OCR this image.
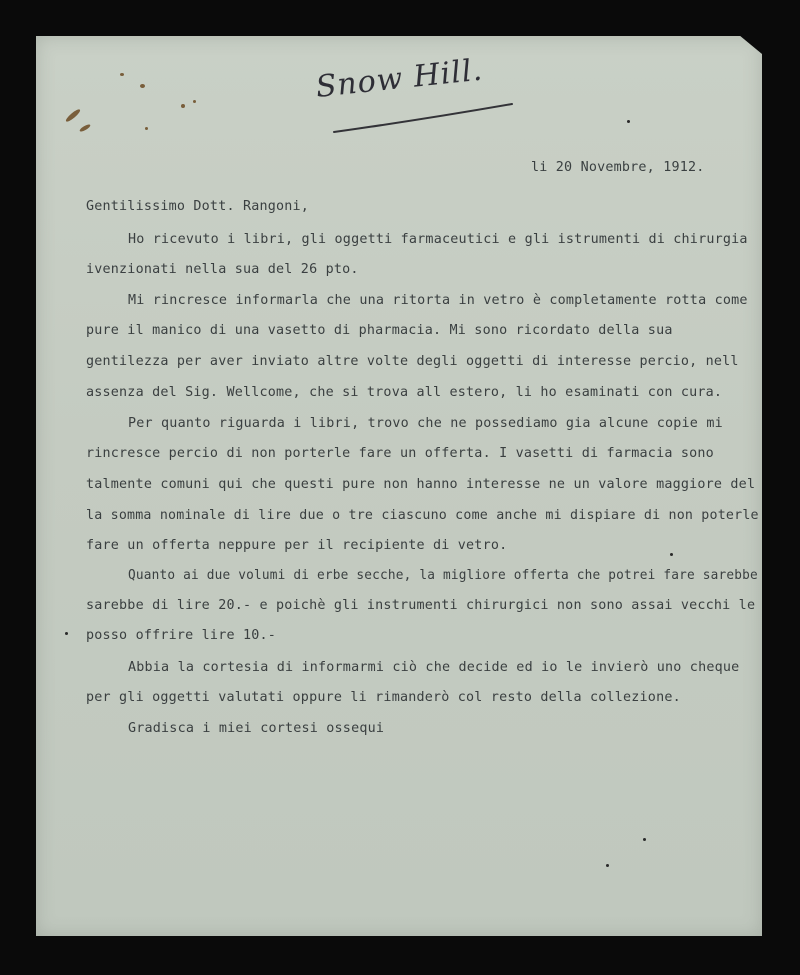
Snow Hill.
li 20 Novembre, 1912.
Gentilissimo Dott. Rangoni,
Ho ricevuto i libri, gli oggetti farmaceutici e gli istrumenti di chirurgia
ivenzionati nella sua del 26 pto.
Mi rincresce informarla che una ritorta in vetro è completamente rotta come
pure il manico di una vasetto di pharmacia. Mi sono ricordato della sua
gentilezza per aver inviato altre volte degli oggetti di interesse percio, nell
assenza del Sig. Wellcome, che si trova all estero, li ho esaminati con cura.
Per quanto riguarda i libri, trovo che ne possediamo gia alcune copie mi
rincresce percio di non porterle fare un offerta. I vasetti di farmacia sono
talmente comuni qui che questi pure non hanno interesse ne un valore maggiore del
la somma nominale di lire due o tre ciascuno come anche mi dispiare di non poterle
fare un offerta neppure per il recipiente di vetro.
Quanto ai due volumi di erbe secche, la migliore offerta che potrei fare sarebbe
sarebbe di lire 20.- e poichè gli instrumenti chirurgici non sono assai vecchi le
posso offrire lire 10.-
Abbia la cortesia di informarmi ciò che decide ed io le invierò uno cheque
per gli oggetti valutati oppure li rimanderò col resto della collezione.
Gradisca i miei cortesi ossequi
